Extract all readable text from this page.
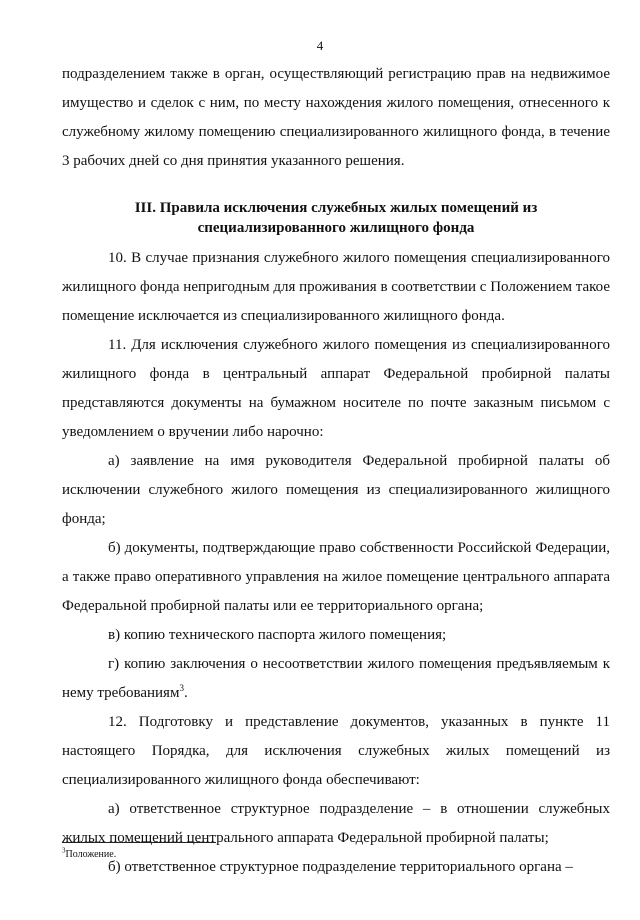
4

подразделением также в орган, осуществляющий регистрацию прав на недвижимое имущество и сделок с ним, по месту нахождения жилого помещения, отнесенного к служебному жилому помещению специализированного жилищного фонда, в течение 3 рабочих дней со дня принятия указанного решения.

III. Правила исключения служебных жилых помещений из
специализированного жилищного фонда

10. В случае признания служебного жилого помещения специализированного жилищного фонда непригодным для проживания в соответствии с Положением такое помещение исключается из специализированного жилищного фонда.

11. Для исключения служебного жилого помещения из специализированного жилищного фонда в центральный аппарат Федеральной пробирной палаты представляются документы на бумажном носителе по почте заказным письмом с уведомлением о вручении либо нарочно:

а) заявление на имя руководителя Федеральной пробирной палаты об исключении служебного жилого помещения из специализированного жилищного фонда;

б) документы, подтверждающие право собственности Российской Федерации, а также право оперативного управления на жилое помещение центрального аппарата Федеральной пробирной палаты или ее территориального органа;

в) копию технического паспорта жилого помещения;

г) копию заключения о несоответствии жилого помещения предъявляемым к нему требованиям$^3$.

12. Подготовку и представление документов, указанных в пункте 11 настоящего Порядка, для исключения служебных жилых помещений из специализированного жилищного фонда обеспечивают:

а) ответственное структурное подразделение – в отношении служебных жилых помещений центрального аппарата Федеральной пробирной палаты;

б) ответственное структурное подразделение территориального органа –

$^3$Положение.
